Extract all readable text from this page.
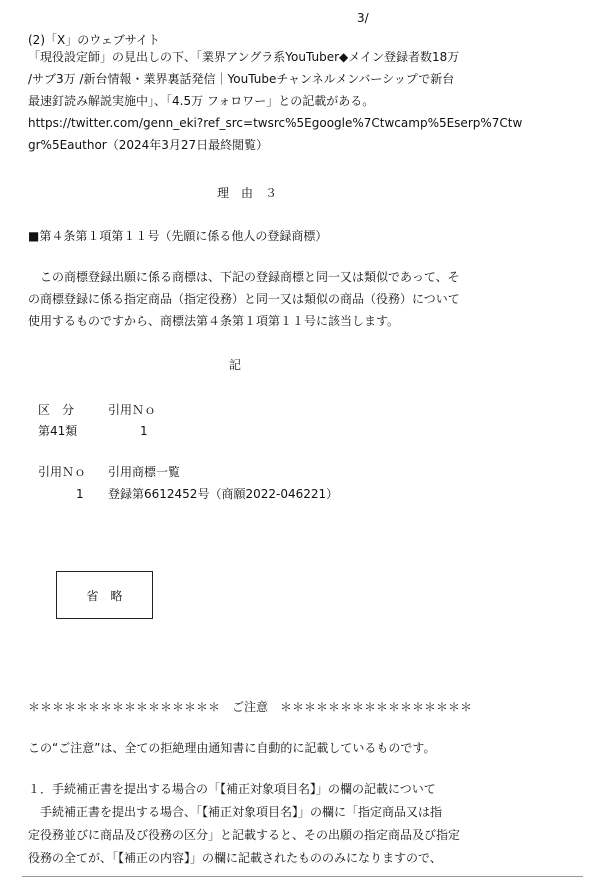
3/
(2)「X」のウェブサイト
「現役設定師」の見出しの下、「業界アングラ系YouTuber◆メイン登録者数18万
/サブ3万 /新台情報・業界裏話発信｜YouTubeチャンネルメンバーシップで新台
最速釘読み解説実施中」、「4.5万 フォロワー」との記載がある。
https://twitter.com/genn_eki?ref_src=twsrc%5Egoogle%7Ctwcamp%5Eserp%7Ctw
gr%5Eauthor（2024年3月27日最終閲覧）
理　由　３
■第４条第１項第１１号（先願に係る他人の登録商標）
　この商標登録出願に係る商標は、下記の登録商標と同一又は類似であって、そ
の商標登録に係る指定商品（指定役務）と同一又は類似の商品（役務）について
使用するものですから、商標法第４条第１項第１１号に該当します。
記
区　分	引用Ｎｏ
第41類	1
引用Ｎｏ 引用商標一覧
1 登録第6612452号（商願2022-046221）
省　略
＊＊＊＊＊＊＊＊＊＊＊＊＊＊＊＊　ご注意　＊＊＊＊＊＊＊＊＊＊＊＊＊＊＊＊
この“ご注意”は、全ての拒絶理由通知書に自動的に記載しているものです。
１．手続補正書を提出する場合の「【補正対象項目名】」の欄の記載について
　手続補正書を提出する場合、「【補正対象項目名】」の欄に「指定商品又は指
定役務並びに商品及び役務の区分」と記載すると、その出願の指定商品及び指定
役務の全てが、「【補正の内容】」の欄に記載されたもののみになりますので、
